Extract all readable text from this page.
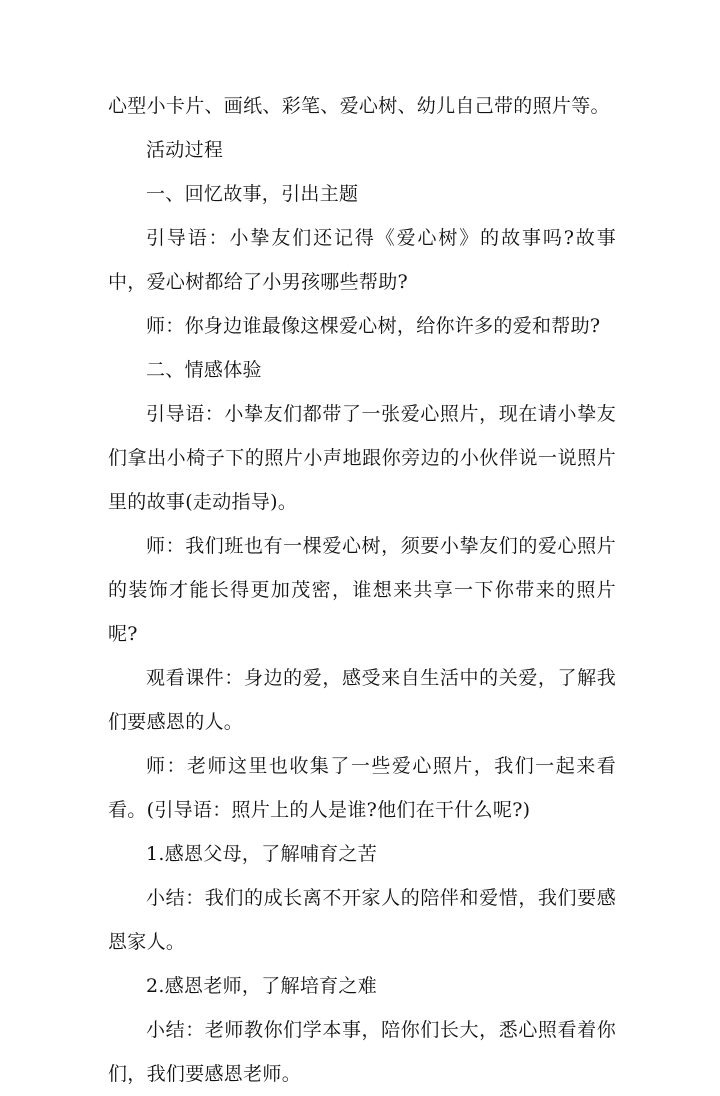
心型小卡片、画纸、彩笔、爱心树、幼儿自己带的照片等。

活动过程

一、回忆故事，引出主题

引导语：小挚友们还记得《爱心树》的故事吗?故事中，爱心树都给了小男孩哪些帮助?

师：你身边谁最像这棵爱心树，给你许多的爱和帮助?

二、情感体验

引导语：小挚友们都带了一张爱心照片，现在请小挚友们拿出小椅子下的照片小声地跟你旁边的小伙伴说一说照片里的故事(走动指导)。

师：我们班也有一棵爱心树，须要小挚友们的爱心照片的装饰才能长得更加茂密，谁想来共享一下你带来的照片呢?

观看课件：身边的爱，感受来自生活中的关爱，了解我们要感恩的人。

师：老师这里也收集了一些爱心照片，我们一起来看看。(引导语：照片上的人是谁?他们在干什么呢?)

1.感恩父母，了解哺育之苦

小结：我们的成长离不开家人的陪伴和爱惜，我们要感恩家人。

2.感恩老师，了解培育之难

小结：老师教你们学本事，陪你们长大，悉心照看着你们，我们要感恩老师。
